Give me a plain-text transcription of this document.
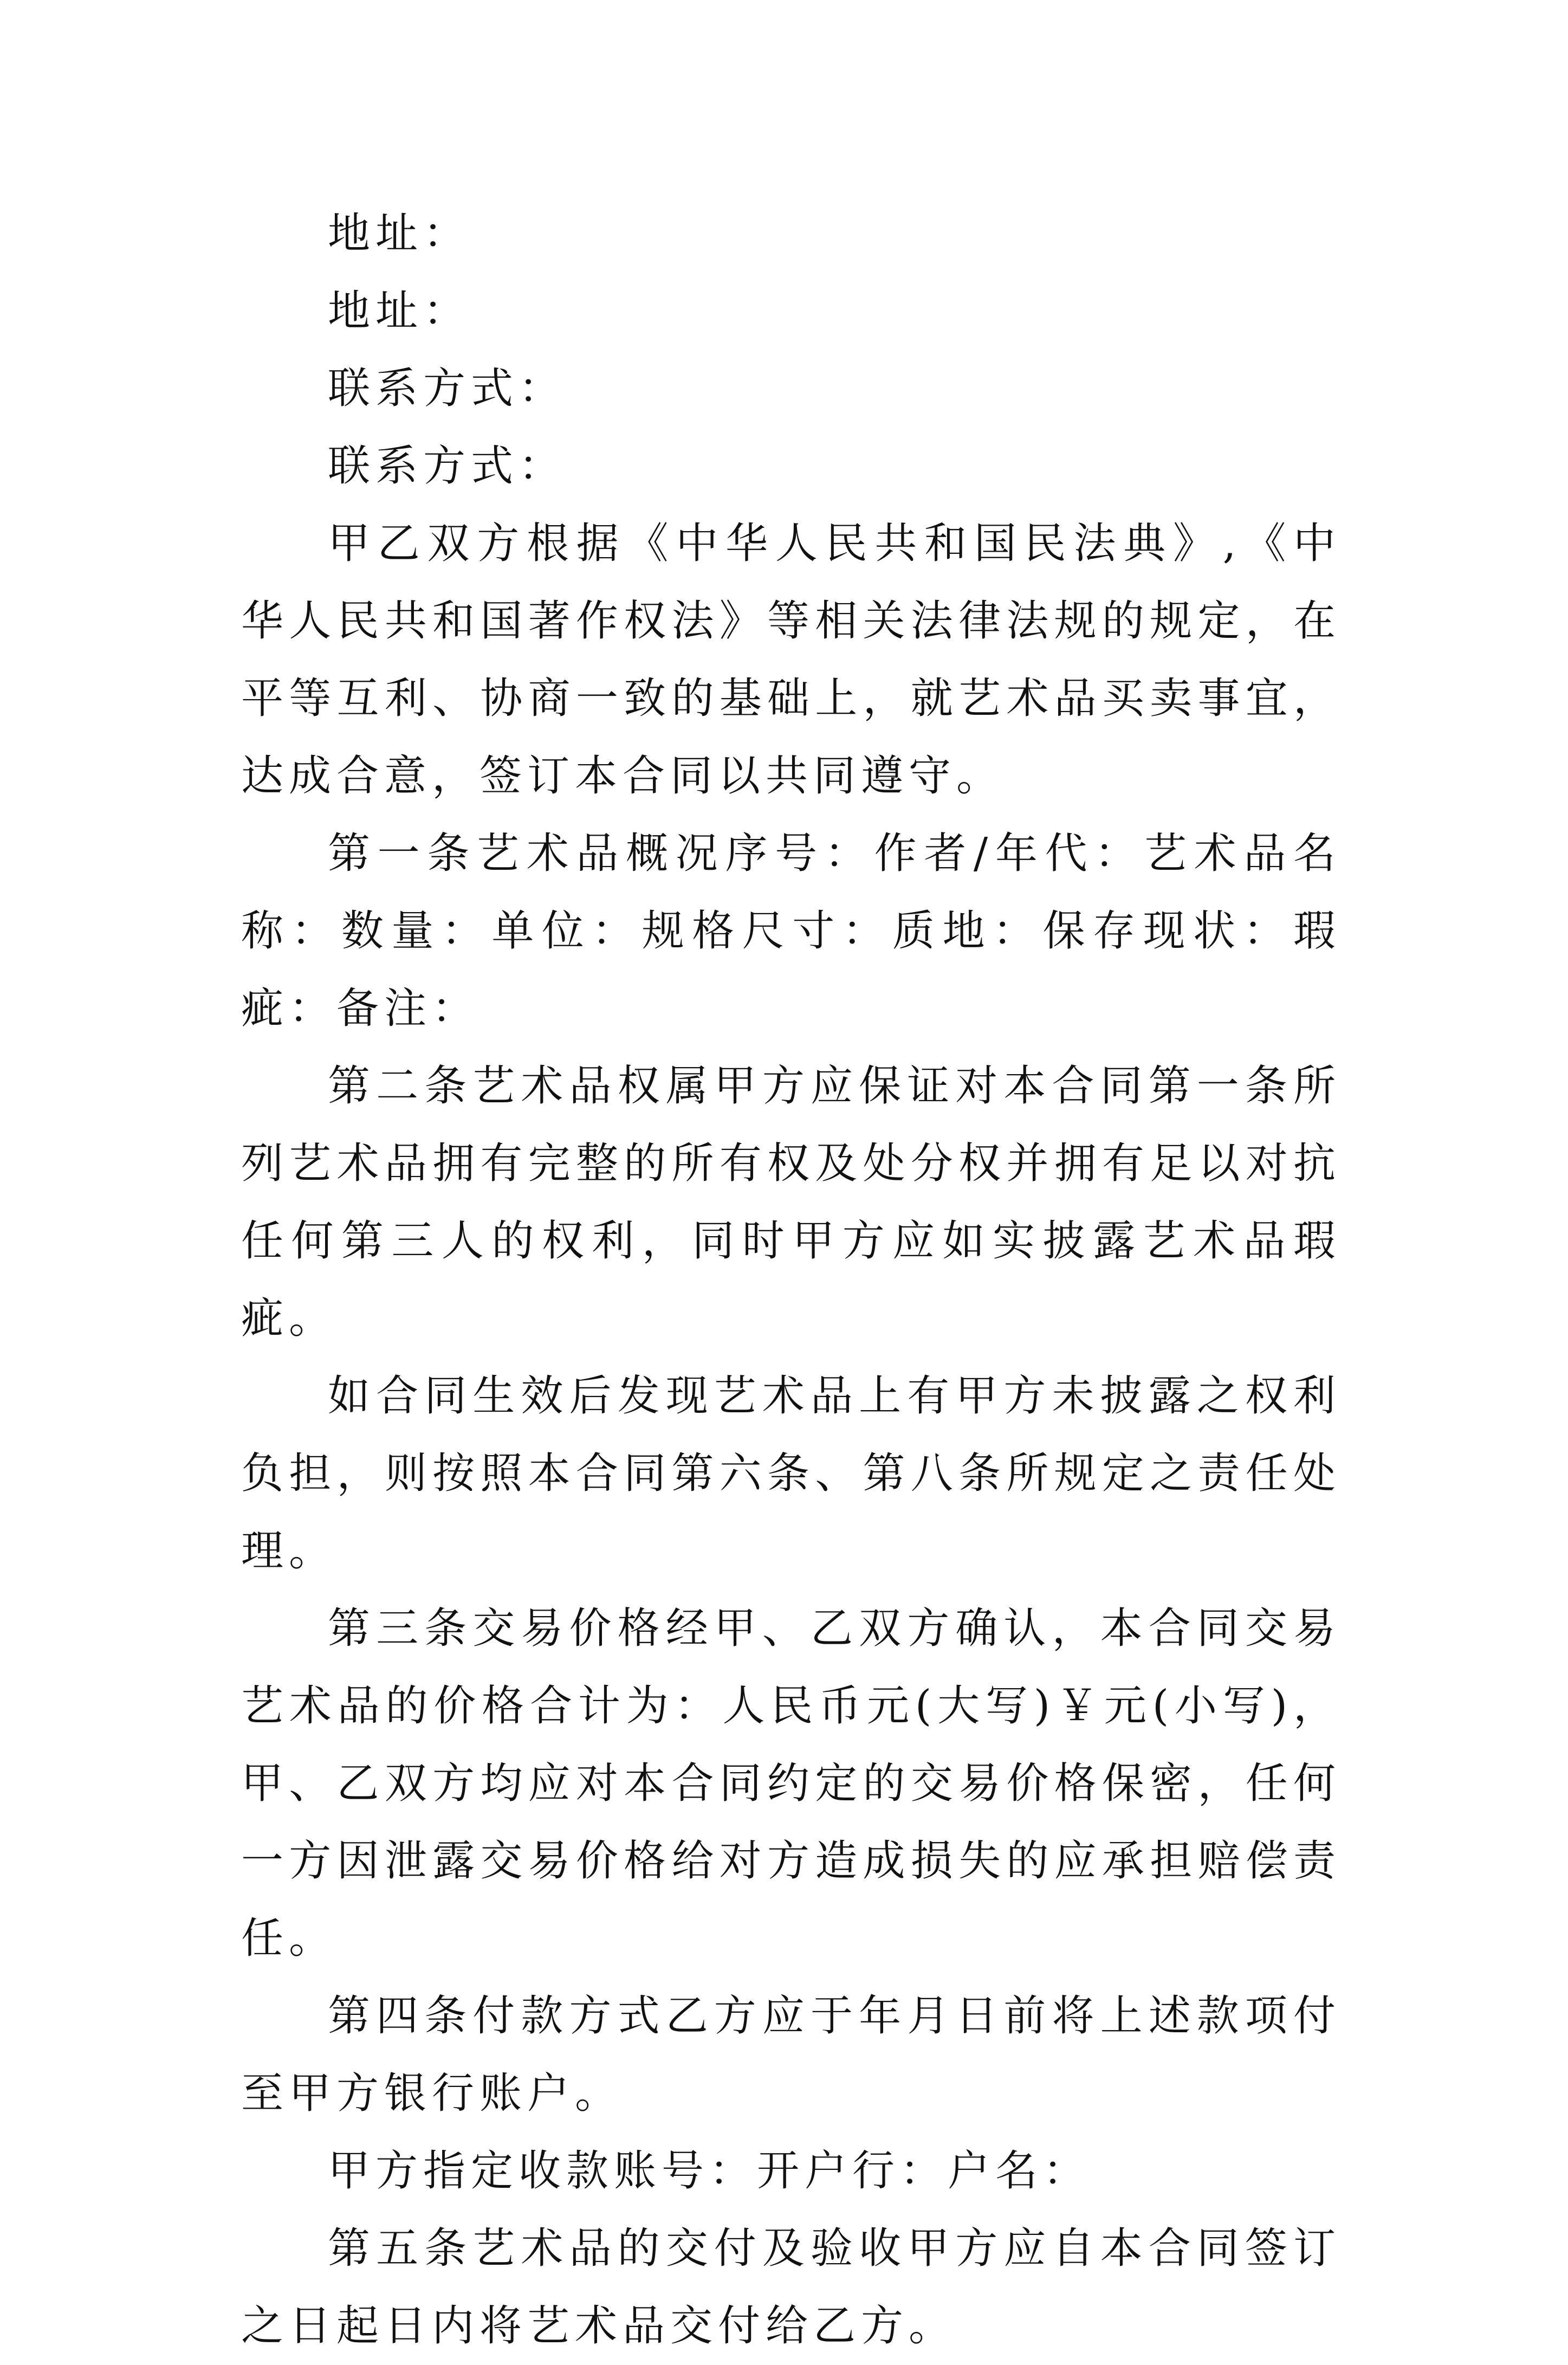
地址：

地址：

联系方式：

联系方式：

甲乙双方根据《中华人民共和国民法典》,《中华人民共和国著作权法》等相关法律法规的规定，在平等互利、协商一致的基础上，就艺术品买卖事宜，达成合意，签订本合同以共同遵守。

第一条艺术品概况序号：作者/年代：艺术品名称：数量：单位：规格尺寸：质地：保存现状：瑕疵：备注：

第二条艺术品权属甲方应保证对本合同第一条所列艺术品拥有完整的所有权及处分权并拥有足以对抗任何第三人的权利，同时甲方应如实披露艺术品瑕疵。

如合同生效后发现艺术品上有甲方未披露之权利负担，则按照本合同第六条、第八条所规定之责任处理。

第三条交易价格经甲、乙双方确认，本合同交易艺术品的价格合计为：人民币元(大写)￥元(小写)，甲、乙双方均应对本合同约定的交易价格保密，任何一方因泄露交易价格给对方造成损失的应承担赔偿责任。

第四条付款方式乙方应于年月日前将上述款项付至甲方银行账户。

甲方指定收款账号：开户行：户名：

第五条艺术品的交付及验收甲方应自本合同签订之日起日内将艺术品交付给乙方。
